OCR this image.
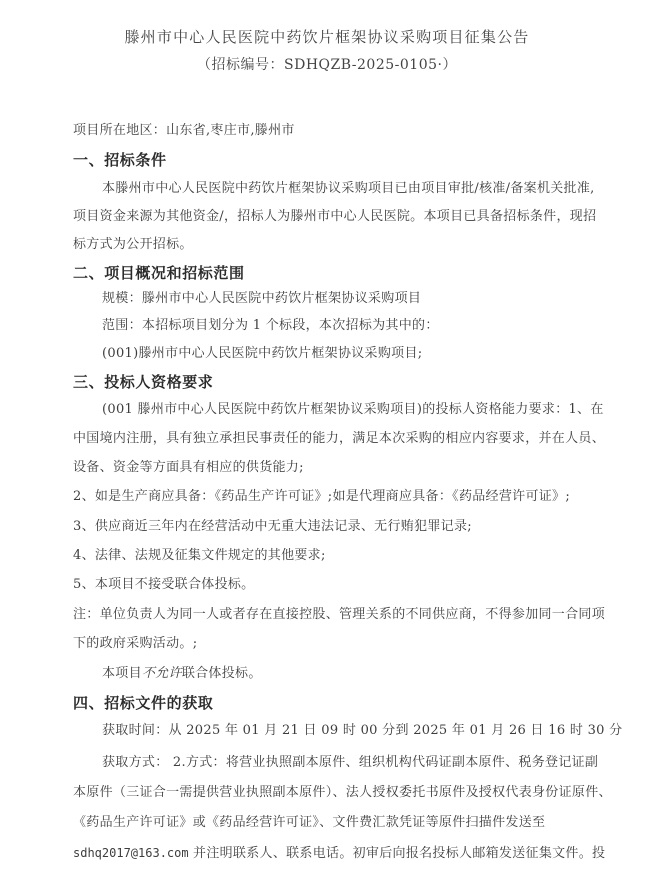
滕州市中心人民医院中药饮片框架协议采购项目征集公告
（招标编号：SDHQZB-2025-0105·）
项目所在地区：山东省,枣庄市,滕州市
一、招标条件
本滕州市中心人民医院中药饮片框架协议采购项目已由项目审批/核准/备案机关批准,
项目资金来源为其他资金/，招标人为滕州市中心人民医院。本项目已具备招标条件，现招
标方式为公开招标。
二、项目概况和招标范围
规模：滕州市中心人民医院中药饮片框架协议采购项目
范围：本招标项目划分为 1 个标段，本次招标为其中的：
(001)滕州市中心人民医院中药饮片框架协议采购项目;
三、投标人资格要求
(001 滕州市中心人民医院中药饮片框架协议采购项目)的投标人资格能力要求：1、在
中国境内注册，具有独立承担民事责任的能力，满足本次采购的相应内容要求，并在人员、
设备、资金等方面具有相应的供货能力;
2、如是生产商应具备：《药品生产许可证》;如是代理商应具备：《药品经营许可证》;
3、供应商近三年内在经营活动中无重大违法记录、无行贿犯罪记录;
4、法律、法规及征集文件规定的其他要求;
5、本项目不接受联合体投标。
注：单位负责人为同一人或者存在直接控股、管理关系的不同供应商，不得参加同一合同项
下的政府采购活动。;
本项目不允许联合体投标。
四、招标文件的获取
获取时间：从 2025 年 01 月 21 日 09 时 00 分到 2025 年 01 月 26 日 16 时 30 分
获取方式： 2.方式：将营业执照副本原件、组织机构代码证副本原件、税务登记证副
本原件（三证合一需提供营业执照副本原件）、法人授权委托书原件及授权代表身份证原件、
《药品生产许可证》或《药品经营许可证》、文件费汇款凭证等原件扫描件发送至
sdhq2017@163.com 并注明联系人、联系电话。初审后向报名投标人邮箱发送征集文件。投
